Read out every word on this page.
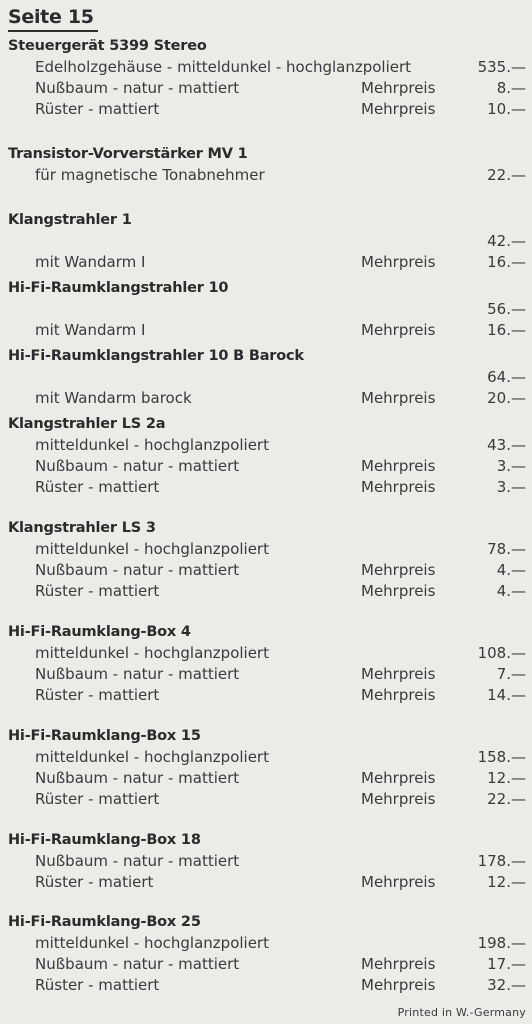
Seite 15
Steuergerät 5399 Stereo
Edelholzgehäuse - mitteldunkel - hochglanzpoliert	535.—
Nußbaum - natur - mattiert	Mehrpreis	8.—
Rüster - mattiert	Mehrpreis	10.—
Transistor-Vorverstärker MV 1
für magnetische Tonabnehmer	22.—
Klangstrahler 1
42.—
mit Wandarm I	Mehrpreis	16.—
Hi-Fi-Raumklangstrahler 10
56.—
mit Wandarm I	Mehrpreis	16.—
Hi-Fi-Raumklangstrahler 10 B Barock
64.—
mit Wandarm barock	Mehrpreis	20.—
Klangstrahler LS 2a
mitteldunkel - hochglanzpoliert	43.—
Nußbaum - natur - mattiert	Mehrpreis	3.—
Rüster - mattiert	Mehrpreis	3.—
Klangstrahler LS 3
mitteldunkel - hochglanzpoliert	78.—
Nußbaum - natur - mattiert	Mehrpreis	4.—
Rüster - mattiert	Mehrpreis	4.—
Hi-Fi-Raumklang-Box 4
mitteldunkel - hochglanzpoliert	108.—
Nußbaum - natur - mattiert	Mehrpreis	7.—
Rüster - mattiert	Mehrpreis	14.—
Hi-Fi-Raumklang-Box 15
mitteldunkel - hochglanzpoliert	158.—
Nußbaum - natur - mattiert	Mehrpreis	12.—
Rüster - mattiert	Mehrpreis	22.—
Hi-Fi-Raumklang-Box 18
Nußbaum - natur - mattiert	178.—
Rüster - matiert	Mehrpreis	12.—
Hi-Fi-Raumklang-Box 25
mitteldunkel - hochglanzpoliert	198.—
Nußbaum - natur - mattiert	Mehrpreis	17.—
Rüster - mattiert	Mehrpreis	32.—
Printed in W.-Germany
